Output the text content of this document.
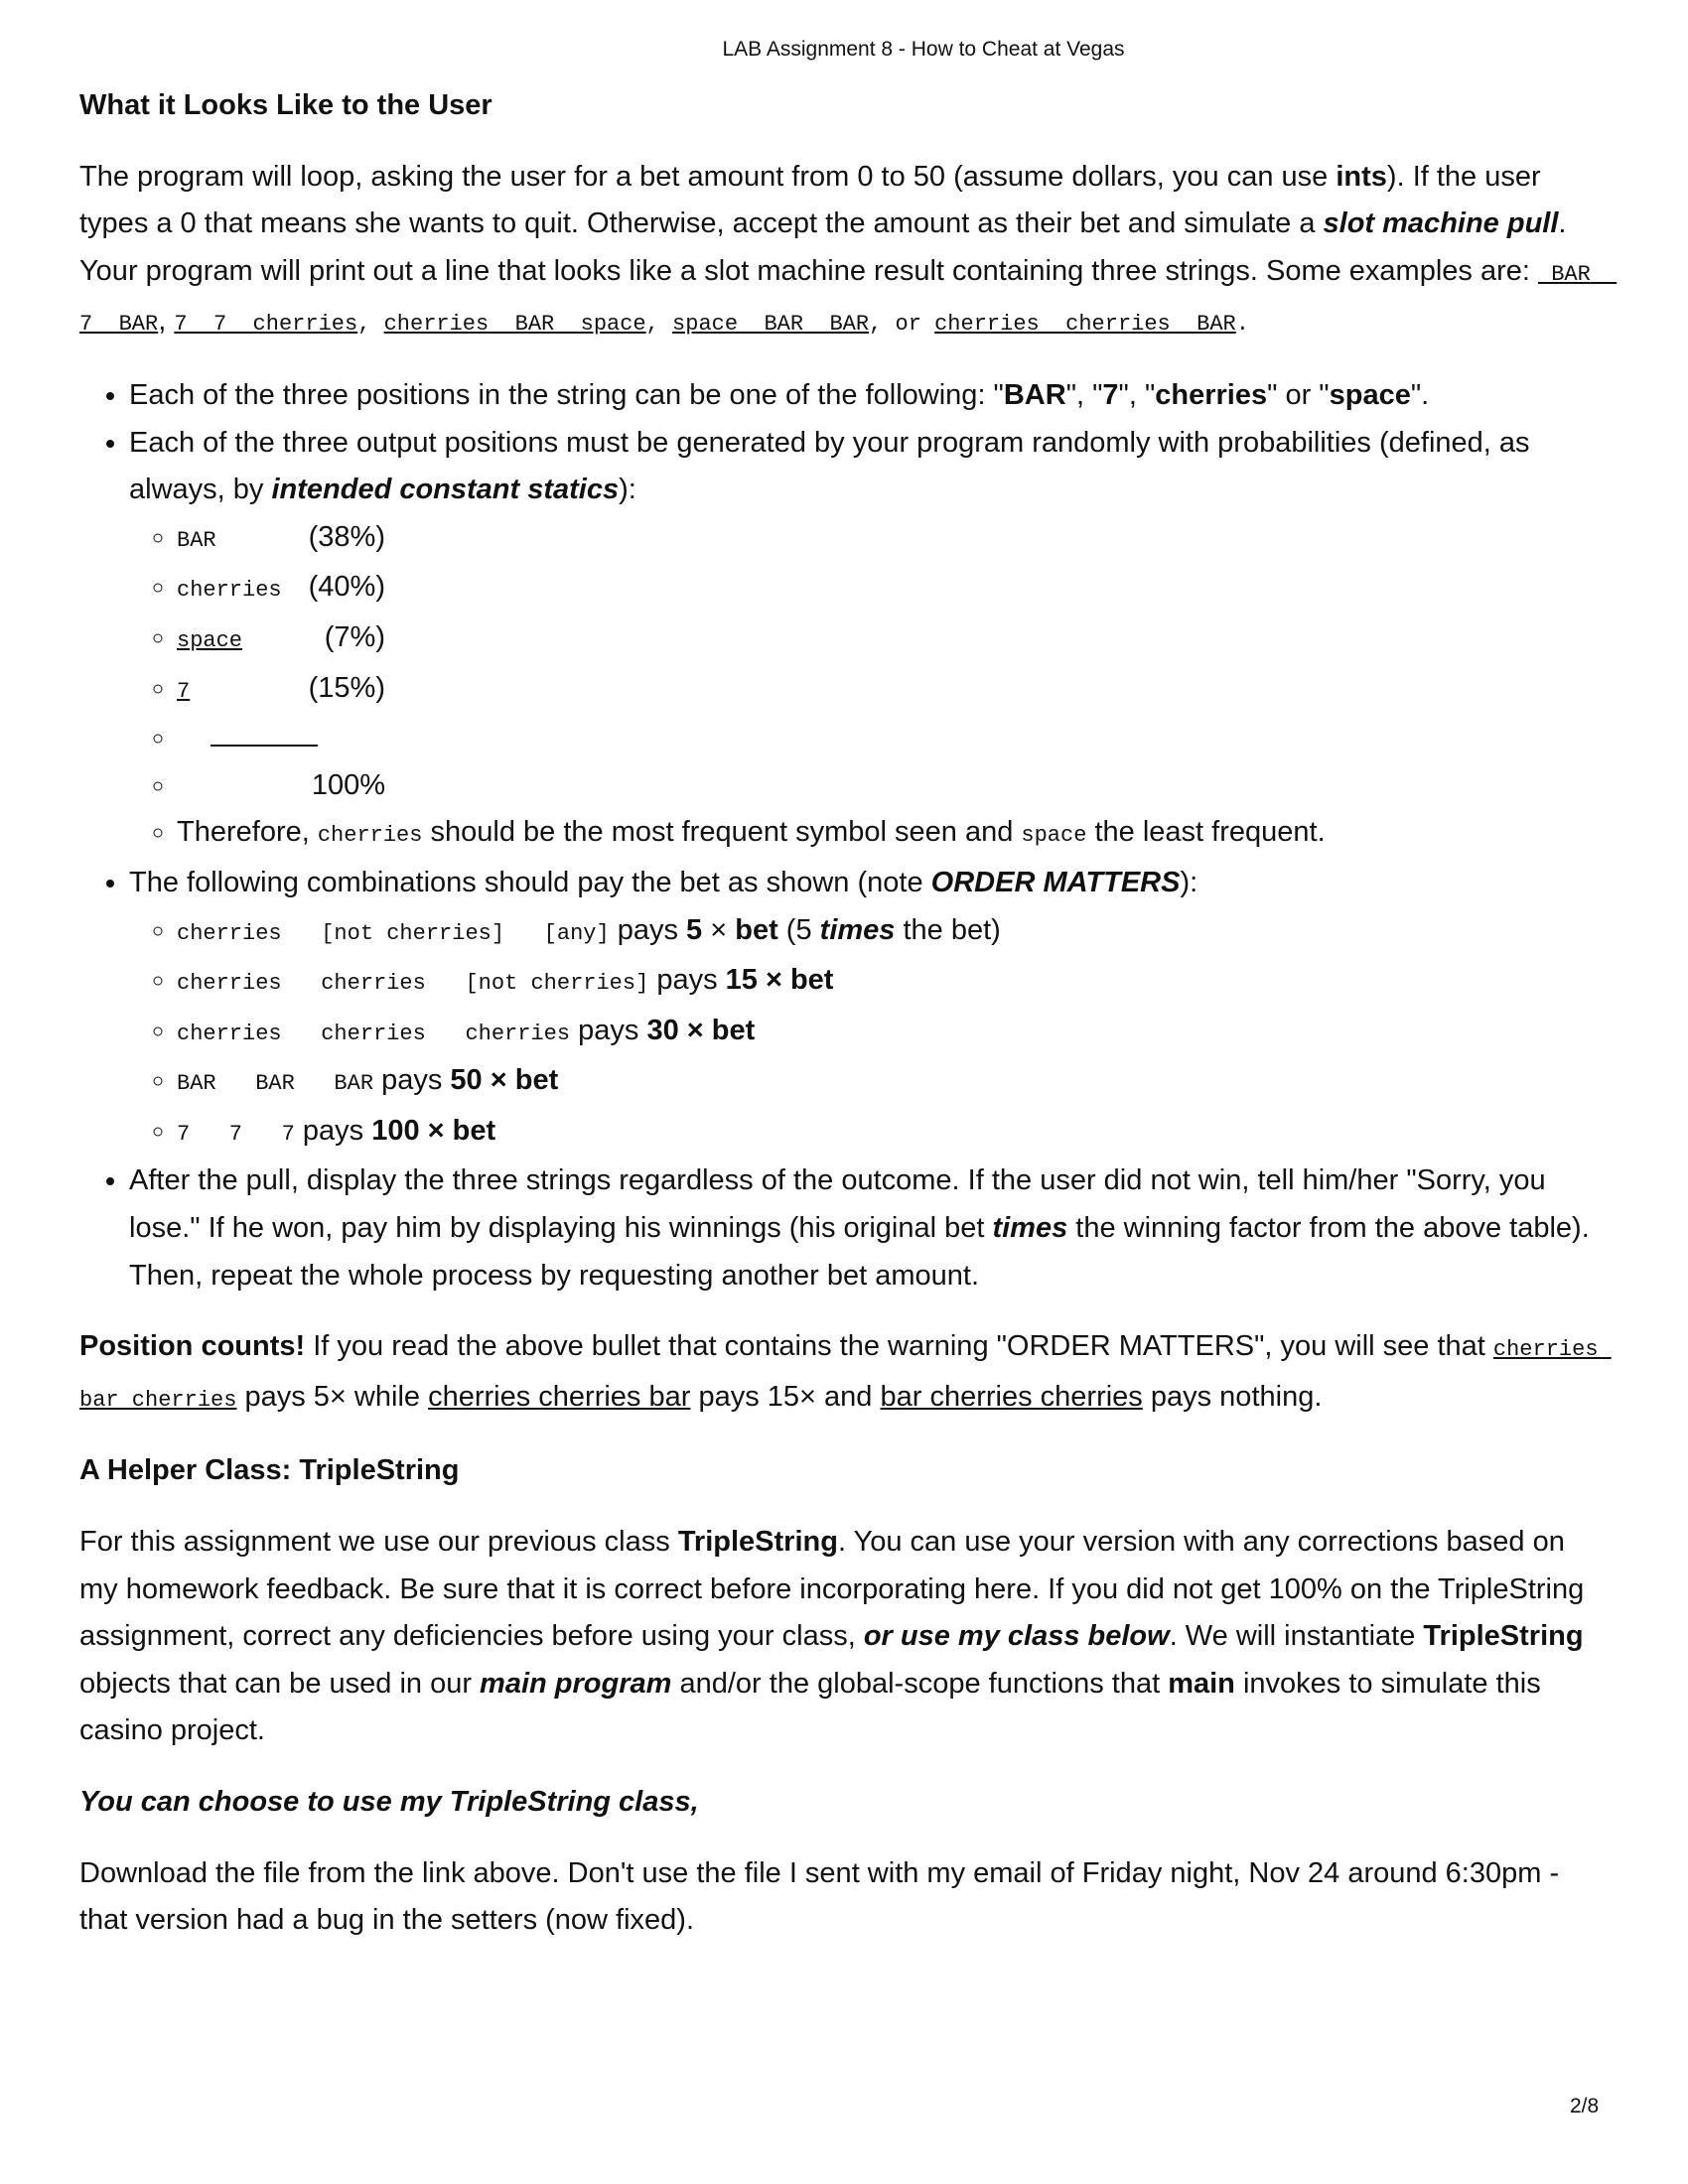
LAB Assignment 8 - How to Cheat at Vegas
What it Looks Like to the User

The program will loop, asking the user for a bet amount from 0 to 50 (assume dollars, you can use ints). If the user types a 0 that means she wants to quit. Otherwise, accept the amount as their bet and simulate a slot machine pull. Your program will print out a line that looks like a slot machine result containing three strings. Some examples are:  BAR  7  BAR, 7  7  cherries, cherries  BAR  space, space  BAR  BAR, or cherries  cherries  BAR.

• Each of the three positions in the string can be one of the following: "BAR", "7", "cherries" or "space".
• Each of the three output positions must be generated by your program randomly with probabilities (defined, as always, by intended constant statics):
◦ BAR	(38%)
◦ cherries (40%)
◦ space	(7%)
◦ 7	(15%)
◦
◦ 100%
◦ Therefore, cherries should be the most frequent symbol seen and space the least frequent.
• The following combinations should pay the bet as shown (note ORDER MATTERS):
◦ cherries   [not cherries]   [any] pays 5 × bet (5 times the bet)
◦ cherries   cherries   [not cherries] pays 15 × bet
◦ cherries   cherries   cherries pays 30 × bet
◦ BAR   BAR   BAR pays 50 × bet
◦ 7   7   7 pays 100 × bet
• After the pull, display the three strings regardless of the outcome. If the user did not win, tell him/her "Sorry, you lose." If he won, pay him by displaying his winnings (his original bet times the winning factor from the above table). Then, repeat the whole process by requesting another bet amount.

Position counts! If you read the above bullet that contains the warning "ORDER MATTERS", you will see that cherries bar cherries pays 5× while cherries cherries bar pays 15× and bar cherries cherries pays nothing.

A Helper Class: TripleString

For this assignment we use our previous class TripleString. You can use your version with any corrections based on my homework feedback. Be sure that it is correct before incorporating here. If you did not get 100% on the TripleString assignment, correct any deficiencies before using your class, or use my class below. We will instantiate TripleString objects that can be used in our main program and/or the global-scope functions that main invokes to simulate this casino project.

You can choose to use my TripleString class,

Download the file from the link above. Don't use the file I sent with my email of Friday night, Nov 24 around 6:30pm - that version had a bug in the setters (now fixed).

2/8
